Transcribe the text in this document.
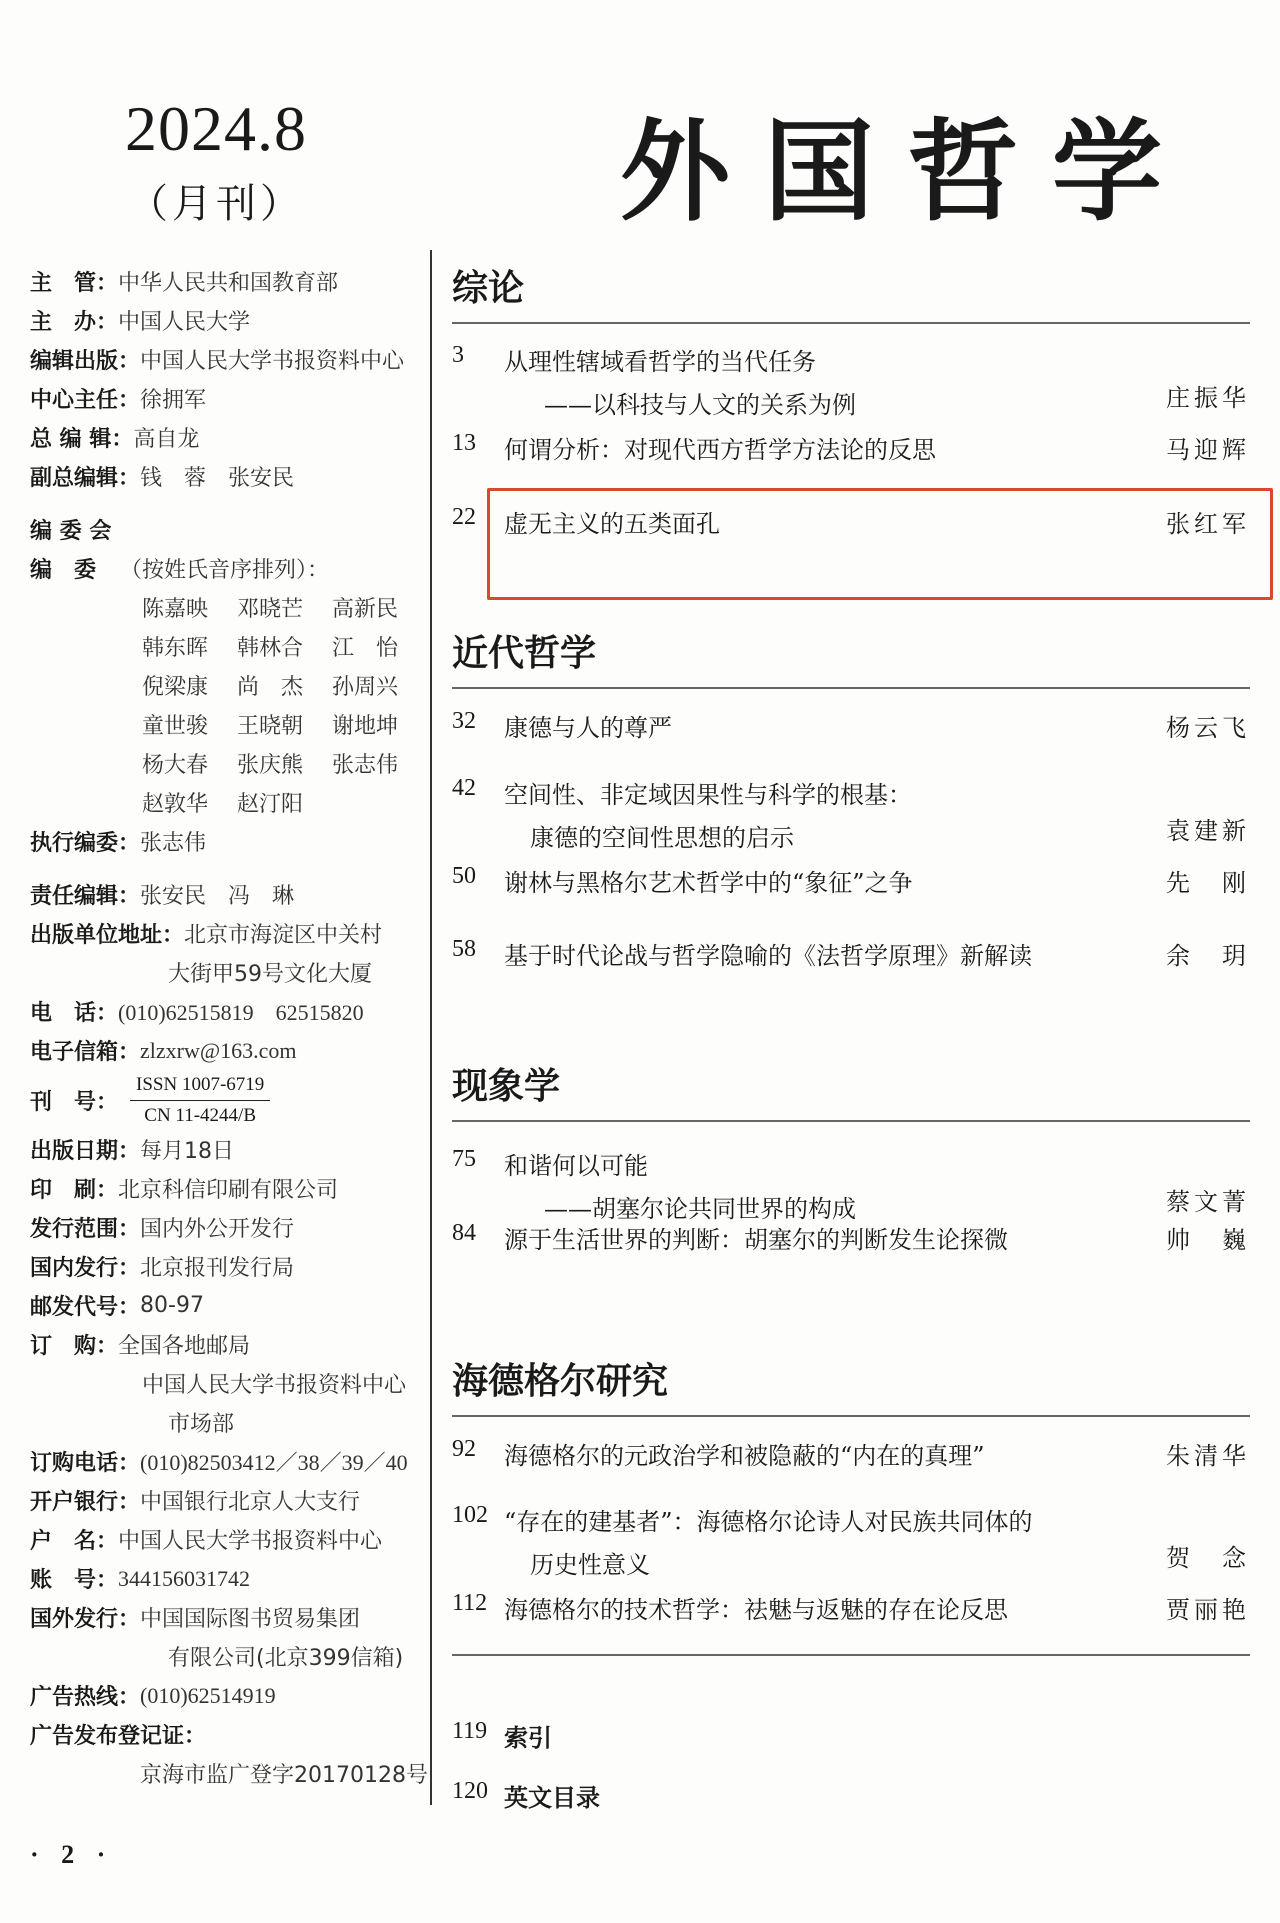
2024.8
（月刊）	外国哲学
主　管： 中华人民共和国教育部
主　办： 中国人民大学
编辑出版： 中国人民大学书报资料中心
中心主任： 徐拥军
总 编 辑： 高自龙
副总编辑： 钱　蓉　张安民
编 委 会
编　委 （按姓氏音序排列）：
陈嘉映	邓晓芒	高新民
韩东晖	韩林合	江　怡
倪梁康	尚　杰	孙周兴
童世骏	王晓朝	谢地坤
杨大春	张庆熊	张志伟
赵敦华	赵汀阳
执行编委： 张志伟
责任编辑： 张安民　冯　琳
出版单位地址： 北京市海淀区中关村
大街甲59号文化大厦
电　话： (010)62515819　62515820
电子信箱： zlzxrw@163.com
刊　号：
ISSN 1007-6719
CN 11-4244/B
出版日期： 每月18日
印　刷： 北京科信印刷有限公司
发行范围： 国内外公开发行
国内发行： 北京报刊发行局
邮发代号： 80-97
订　购： 全国各地邮局
中国人民大学书报资料中心
市场部
订购电话： (010)82503412／38／39／40
开户银行： 中国银行北京人大支行
户　名： 中国人民大学书报资料中心
账　号： 344156031742
国外发行： 中国国际图书贸易集团
有限公司(北京399信箱)
广告热线： (010)62514919
广告发布登记证：
京海市监广登字20170128号
综论
3	从理性辖域看哲学的当代任务
——以科技与人文的关系为例	庄振华
13	何谓分析：对现代西方哲学方法论的反思	马迎辉
22	虚无主义的五类面孔	张红军
近代哲学
32	康德与人的尊严	杨云飞
42	空间性、非定域因果性与科学的根基：
康德的空间性思想的启示	袁建新
50	谢林与黑格尔艺术哲学中的“象征”之争	先　刚
58	基于时代论战与哲学隐喻的《法哲学原理》新解读	余　玥
现象学
75	和谐何以可能
——胡塞尔论共同世界的构成	蔡文菁
84	源于生活世界的判断：胡塞尔的判断发生论探微	帅　巍
海德格尔研究
92	海德格尔的元政治学和被隐蔽的“内在的真理”	朱清华
102 “存在的建基者”：海德格尔论诗人对民族共同体的
历史性意义	贺　念
112 海德格尔的技术哲学：祛魅与返魅的存在论反思	贾丽艳
119 索引
120 英文目录
· 2 ·
